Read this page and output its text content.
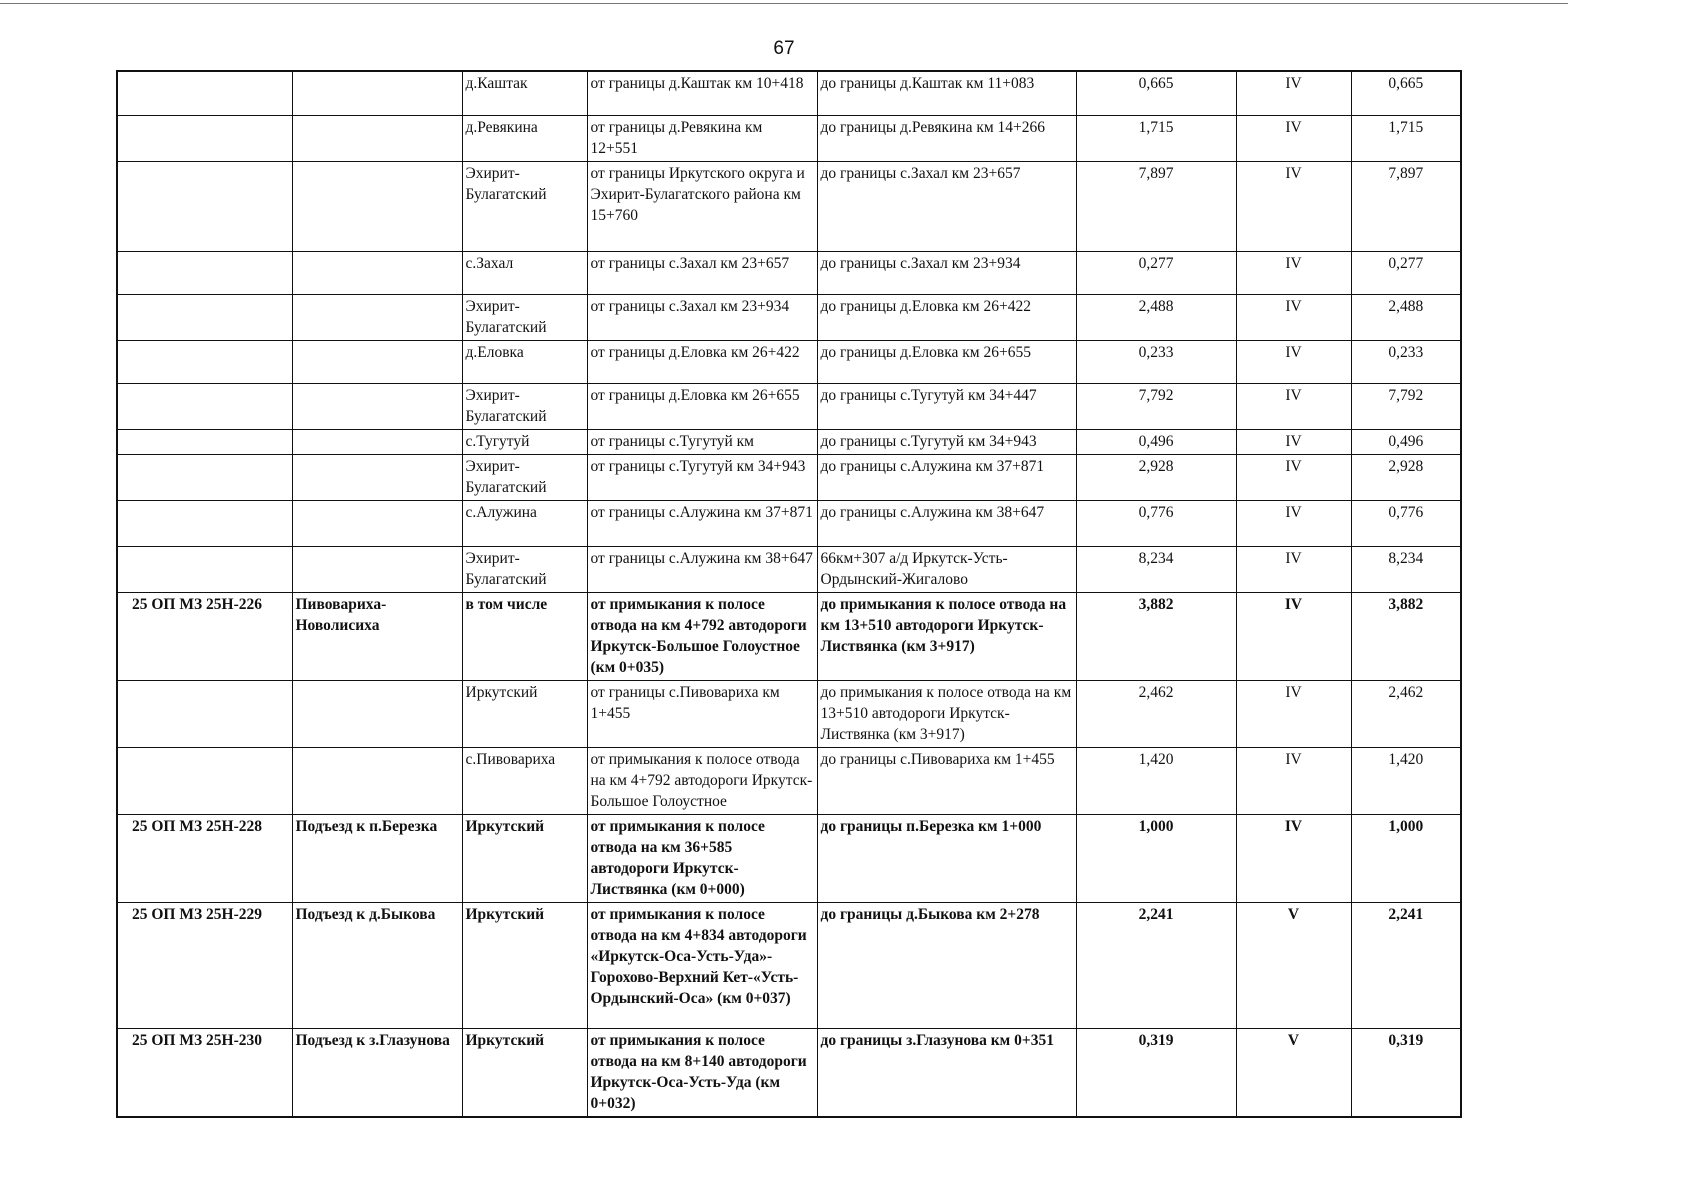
67
		д.Каштак	от границы д.Каштак км 10+418	до границы д.Каштак км 11+083	0,665	IV	0,665
		д.Ревякина	от границы д.Ревякина км 12+551	до границы д.Ревякина км 14+266	1,715	IV	1,715
		Эхирит-Булагатский	от границы Иркутского округа и Эхирит-Булагатского района км 15+760	до границы с.Захал км 23+657	7,897	IV	7,897
		с.Захал	от границы с.Захал км 23+657	до границы с.Захал км 23+934	0,277	IV	0,277
		Эхирит-Булагатский	от границы с.Захал км 23+934	до границы д.Еловка км 26+422	2,488	IV	2,488
		д.Еловка	от границы д.Еловка км 26+422	до границы д.Еловка км 26+655	0,233	IV	0,233
		Эхирит-Булагатский	от границы д.Еловка км 26+655	до границы с.Тугутуй км 34+447	7,792	IV	7,792
		с.Тугутуй	от границы с.Тугутуй км	до границы с.Тугутуй км 34+943	0,496	IV	0,496
		Эхирит-Булагатский	от границы с.Тугутуй км 34+943	до границы с.Алужина км 37+871	2,928	IV	2,928
		с.Алужина	от границы с.Алужина км 37+871	до границы с.Алужина км 38+647	0,776	IV	0,776
		Эхирит-Булагатский	от границы с.Алужина км 38+647	66км+307 а/д Иркутск-Усть-Ордынский-Жигалово	8,234	IV	8,234
25 ОП МЗ 25Н-226	Пивовариха-Новолисиха	в том числе	от примыкания к полосе отвода на км 4+792 автодороги Иркутск-Большое Голоустное (км 0+035)	до примыкания к полосе отвода на км 13+510 автодороги Иркутск-Листвянка (км 3+917)	3,882	IV	3,882
		Иркутский	от границы с.Пивовариха км 1+455	до примыкания к полосе отвода на км 13+510 автодороги Иркутск-Листвянка (км 3+917)	2,462	IV	2,462
		с.Пивовариха	от примыкания к полосе отвода на км 4+792 автодороги Иркутск-Большое Голоустное	до границы с.Пивовариха км 1+455	1,420	IV	1,420
25 ОП МЗ 25Н-228	Подъезд к п.Березка	Иркутский	от примыкания к полосе отвода на км 36+585 автодороги Иркутск-Листвянка (км 0+000)	до границы п.Березка км 1+000	1,000	IV	1,000
25 ОП МЗ 25Н-229	Подъезд к д.Быкова	Иркутский	от примыкания к полосе отвода на км 4+834 автодороги «Иркутск-Оса-Усть-Уда»-Горохово-Верхний Кет-«Усть-Ордынский-Оса» (км 0+037)	до границы д.Быкова км 2+278	2,241	V	2,241
25 ОП МЗ 25Н-230	Подъезд к з.Глазунова	Иркутский	от примыкания к полосе отвода на км 8+140 автодороги Иркутск-Оса-Усть-Уда (км 0+032)	до границы з.Глазунова км 0+351	0,319	V	0,319
